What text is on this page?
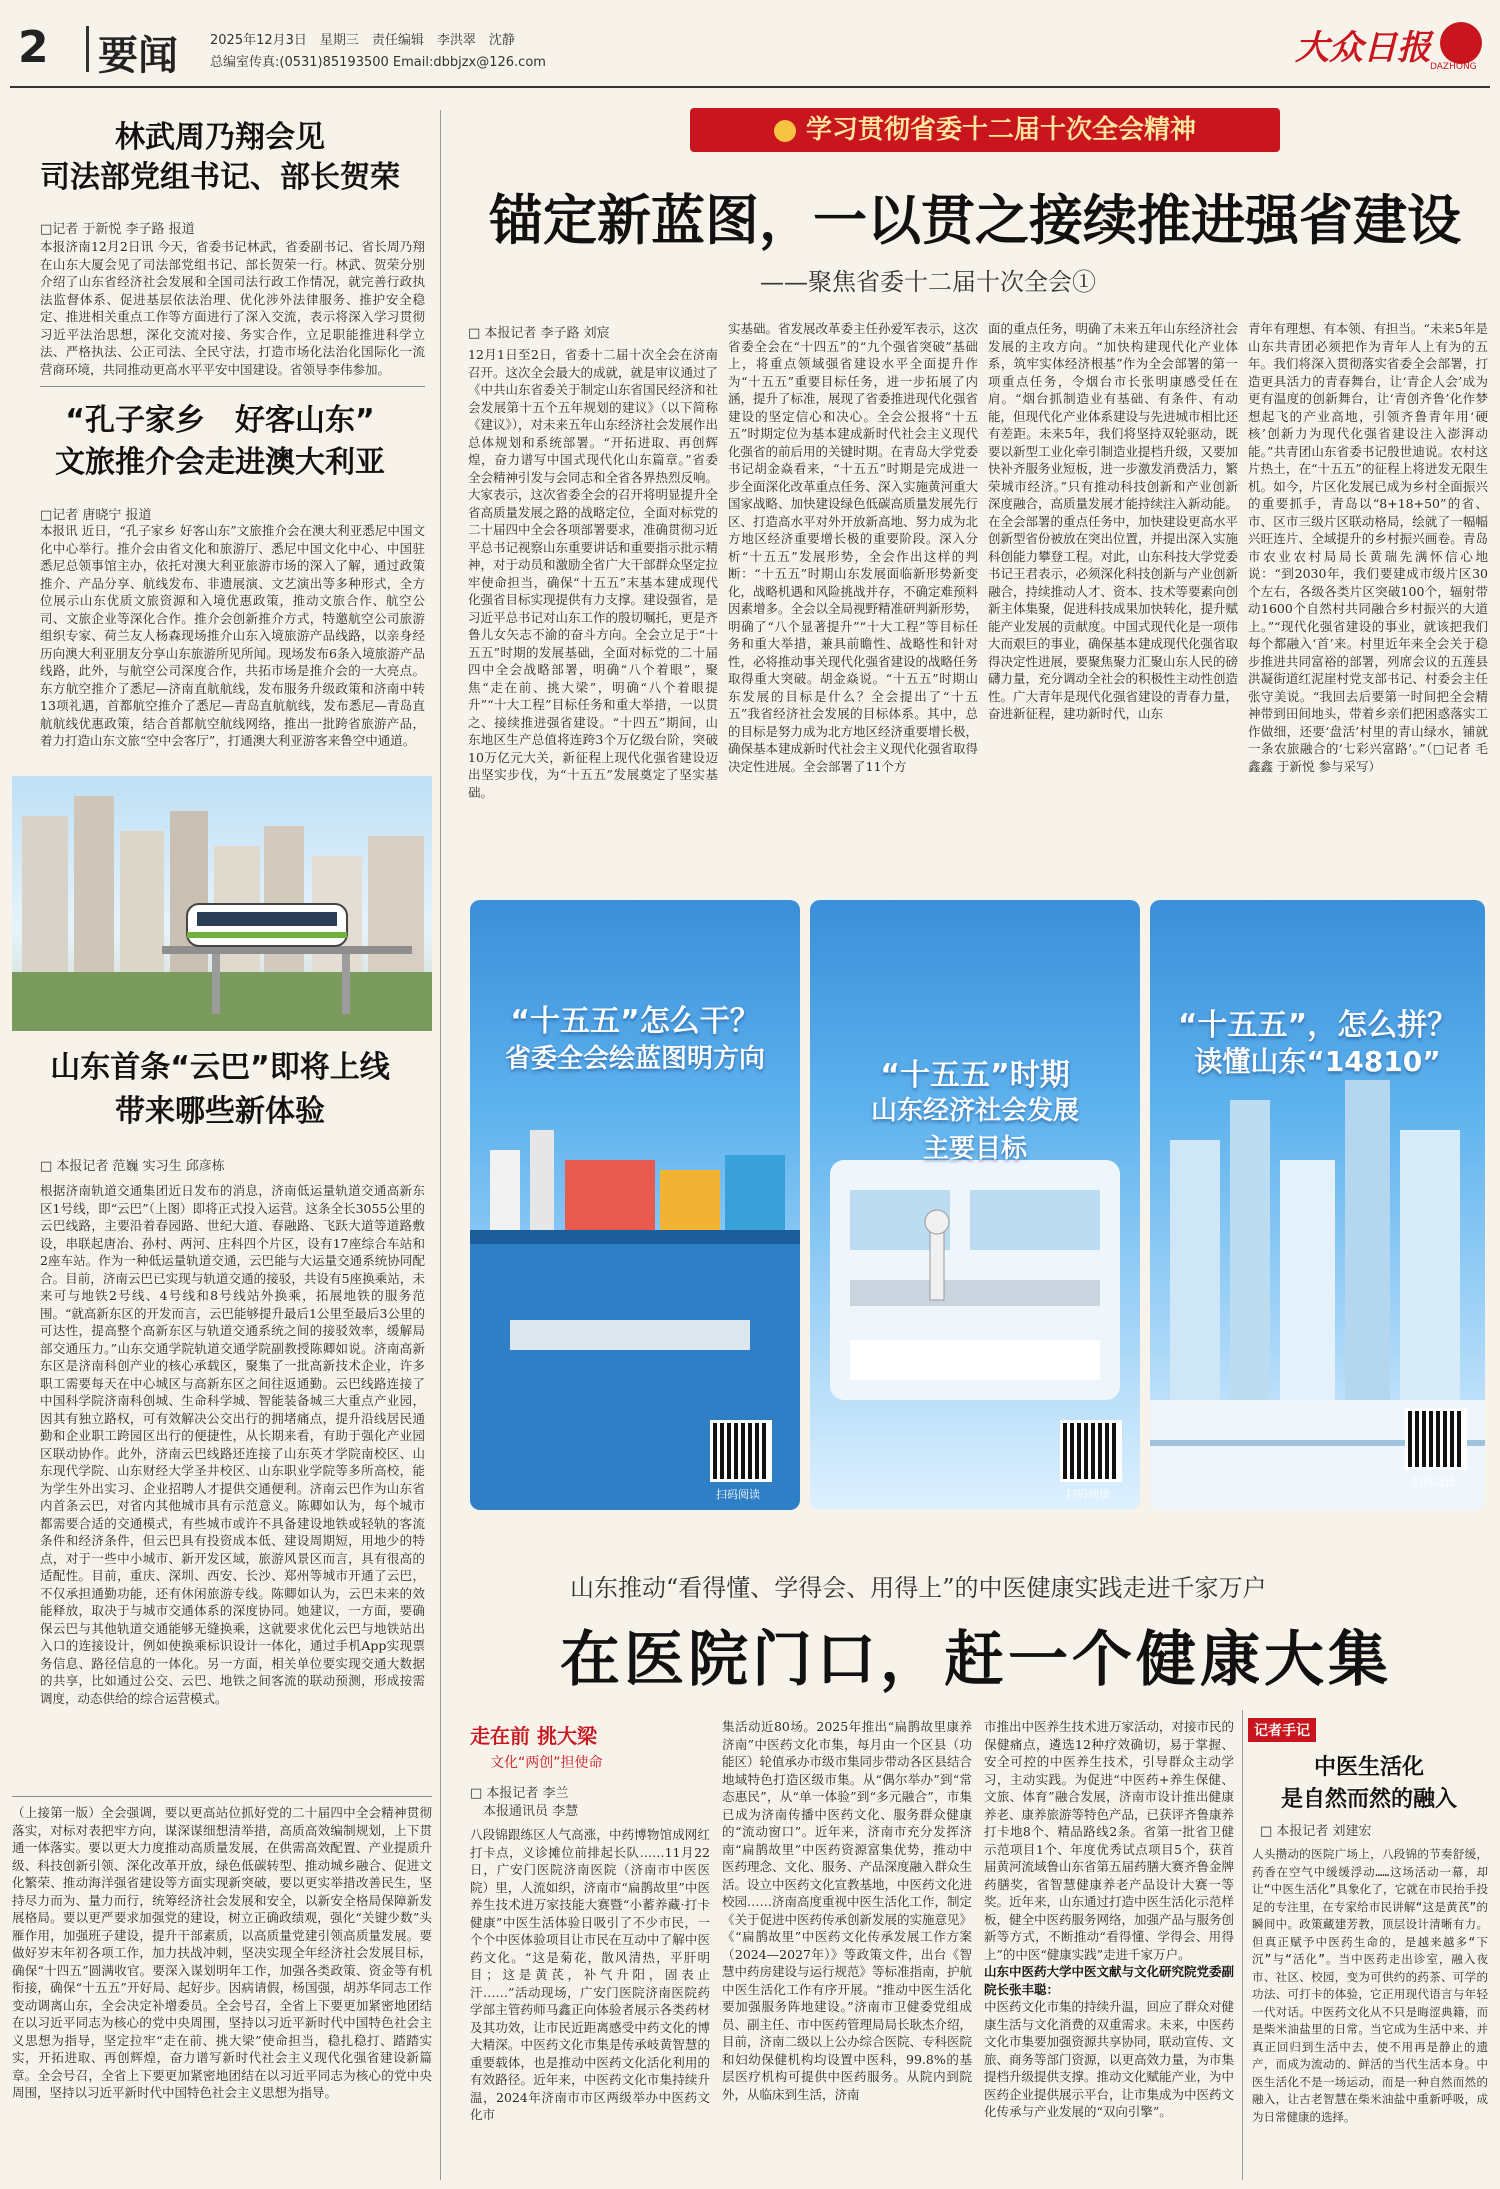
2 要闻 2025年12月3日　星期三　责任编辑　李洪翠　沈静
总编室传真:(0531)85193500 Email:dbbjzx@126.com	大众日报 DAZHONG
林武周乃翔会见
司法部党组书记、部长贺荣
□记者 于新悦 李子路 报道
本报济南12月2日讯 今天，省委书记林武，省委副书记、省长周乃翔在山东大厦会见了司法部党组书记、部长贺荣一行。林武、贺荣分别介绍了山东省经济社会发展和全国司法行政工作情况，就完善行政执法监督体系、促进基层依法治理、优化涉外法律服务、推护安全稳定、推进相关重点工作等方面进行了深入交流，表示将深入学习贯彻习近平法治思想，深化交流对接、务实合作，立足职能推进科学立法、严格执法、公正司法、全民守法，打造市场化法治化国际化一流营商环境，共同推动更高水平平安中国建设。省领导李伟参加。
“孔子家乡　好客山东”
文旅推介会走进澳大利亚
□记者 唐晓宁 报道
本报讯 近日，“孔子家乡 好客山东”文旅推介会在澳大利亚悉尼中国文化中心举行。推介会由省文化和旅游厅、悉尼中国文化中心、中国驻悉尼总领事馆主办，依托对澳大利亚旅游市场的深入了解，通过政策推介、产品分享、航线发布、非遗展演、文艺演出等多种形式，全方位展示山东优质文旅资源和入境优惠政策，推动文旅合作、航空公司、文旅企业等深化合作。推介会创新推介方式，特邀航空公司旅游组织专家、荷兰友人杨森现场推介山东入境旅游产品线路，以亲身经历向澳大利亚朋友分享山东旅游所见所闻。现场发布6条入境旅游产品线路，此外，与航空公司深度合作，共拓市场是推介会的一大亮点。东方航空推介了悉尼—济南直航航线，发布服务升级政策和济南中转13项礼遇，首都航空推介了悉尼—青岛直航航线，发布悉尼—青岛直航航线优惠政策，结合首都航空航线网络，推出一批跨省旅游产品，着力打造山东文旅“空中会客厅”，打通澳大利亚游客来鲁空中通道。
山东首条“云巴”即将上线
带来哪些新体验
□ 本报记者 范巍 实习生 邱彦栋
根据济南轨道交通集团近日发布的消息，济南低运量轨道交通高新东区1号线，即“云巴”（上图）即将正式投入运营。这条全长3055公里的云巴线路，主要沿着春园路、世纪大道、春融路、飞跃大道等道路敷设，串联起唐冶、孙村、两河、庄科四个片区，设有17座综合车站和2座车站。作为一种低运量轨道交通，云巴能与大运量交通系统协同配合。目前，济南云巴已实现与轨道交通的接驳，共设有5座换乘站，未来可与地铁2号线、4号线和8号线站外换乘，拓展地铁的服务范围。“就高新东区的开发而言，云巴能够提升最后1公里至最后3公里的可达性，提高整个高新东区与轨道交通系统之间的接驳效率，缓解局部交通压力。”山东交通学院轨道交通学院副教授陈卿如说。济南高新东区是济南科创产业的核心承载区，聚集了一批高新技术企业，许多职工需要每天在中心城区与高新东区之间往返通勤。云巴线路连接了中国科学院济南科创城、生命科学城、智能装备城三大重点产业园，因其有独立路权，可有效解决公交出行的拥堵痛点，提升沿线居民通勤和企业职工跨园区出行的便捷性，从长期来看，有助于强化产业园区联动协作。此外，济南云巴线路还连接了山东英才学院南校区、山东现代学院、山东财经大学圣井校区、山东职业学院等多所高校，能为学生外出实习、企业招聘人才提供交通便利。济南云巴作为山东省内首条云巴，对省内其他城市具有示范意义。陈卿如认为，每个城市都需要合适的交通模式，有些城市或许不具备建设地铁或轻轨的客流条件和经济条件，但云巴具有投资成本低、建设周期短，用地少的特点，对于一些中小城市、新开发区域，旅游风景区而言，具有很高的适配性。目前，重庆、深圳、西安、长沙、郑州等城市开通了云巴，不仅承担通勤功能，还有休闲旅游专线。陈卿如认为，云巴未来的效能释放，取决于与城市交通体系的深度协同。她建议，一方面，要确保云巴与其他轨道交通能够无缝换乘，这就要求优化云巴与地铁站出入口的连接设计，例如使换乘标识设计一体化，通过手机App实现票务信息、路径信息的一体化。另一方面，相关单位要实现交通大数据的共享，比如通过公交、云巴、地铁之间客流的联动预测，形成按需调度，动态供给的综合运营模式。
（上接第一版）全会强调，要以更高站位抓好党的二十届四中全会精神贯彻落实，对标对表把牢方向，谋深谋细想清举措，高质高效编制规划，上下贯通一体落实。要以更大力度推动高质量发展，在供需高效配置、产业提质升级、科技创新引领、深化改革开放，绿色低碳转型、推动城乡融合、促进文化繁荣、推动海洋强省建设等方面实现新突破，要以更实举措改善民生，坚持尽力而为、量力而行，统筹经济社会发展和安全，以新安全格局保障新发展格局。要以更严要求加强党的建设，树立正确政绩观，强化“关键少数”头雁作用，加强班子建设，提升干部素质，以高质量党建引领高质量发展。要做好岁末年初各项工作，加力扶战冲刺，坚决实现全年经济社会发展目标，确保“十四五”圆满收官。要深入谋划明年工作，加强各类政策、资金等有机衔接，确保“十五五”开好局、起好步。因病请假，杨国强，胡苏华同志工作变动调离山东，全会决定补增委员。全会号召，全省上下要更加紧密地团结在以习近平同志为核心的党中央周围，坚持以习近平新时代中国特色社会主义思想为指导，坚定拉牢“走在前、挑大梁”使命担当，稳扎稳打、踏踏实实，开拓进取、再创辉煌，奋力谱写新时代社会主义现代化强省建设新篇章。全会号召，全省上下要更加紧密地团结在以习近平同志为核心的党中央周围，坚持以习近平新时代中国特色社会主义思想为指导。
学习贯彻省委十二届十次全会精神
锚定新蓝图，一以贯之接续推进强省建设
——聚焦省委十二届十次全会①
□ 本报记者 李子路 刘宸
12月1日至2日，省委十二届十次全会在济南召开。这次全会最大的成就，就是审议通过了《中共山东省委关于制定山东省国民经济和社会发展第十五个五年规划的建议》（以下简称《建议》），对未来五年山东经济社会发展作出总体规划和系统部署。“开拓进取、再创辉煌，奋力谱写中国式现代化山东篇章。”省委全会精神引发与会同志和全省各界热烈反响。大家表示，这次省委全会的召开将明显提升全省高质量发展之路的战略定位，全面对标党的二十届四中全会各项部署要求，准确贯彻习近平总书记视察山东重要讲话和重要指示批示精神，对于动员和激励全省广大干部群众坚定拉牢使命担当，确保“十五五”末基本建成现代化强省目标实现提供有力支撑。建设强省，是习近平总书记对山东工作的殷切嘱托，更是齐鲁儿女矢志不渝的奋斗方向。全会立足于“十五五”时期的发展基础，全面对标党的二十届四中全会战略部署，明确“八个着眼”，聚焦“走在前、挑大梁”，明确“八个着眼提升”“十大工程”目标任务和重大举措，一以贯之、接续推进强省建设。“十四五”期间，山东地区生产总值将连跨3个万亿级台阶，突破10万亿元大关，新征程上现代化强省建设迈出坚实步伐，为“十五五”发展奠定了坚实基础。
实基础。省发展改革委主任孙爱军表示，这次省委全会在“十四五”的“九个强省突破”基础上，将重点领域强省建设水平全面提升作为“十五五”重要目标任务，进一步拓展了内涵，提升了标准，展现了省委推进现代化强省建设的坚定信心和决心。全会公报将“十五五”时期定位为基本建成新时代社会主义现代化强省的前后用的关键时期。在青岛大学党委书记胡金焱看来，“十五五”时期是完成进一步全面深化改革重点任务、深入实施黄河重大国家战略、加快建设绿色低碳高质量发展先行区、打造高水平对外开放新高地、努力成为北方地区经济重要增长极的重要阶段。深入分析“十五五”发展形势，全会作出这样的判断：“十五五”时期山东发展面临新形势新变化，战略机遇和风险挑战并存，不确定难预料因素增多。全会以全局视野精准研判新形势，明确了“八个显著提升”“十大工程”等目标任务和重大举措，兼具前瞻性、战略性和针对性，必将推动事关现代化强省建设的战略任务取得重大突破。胡金焱说。“十五五”时期山东发展的目标是什么？全会提出了“十五五”我省经济社会发展的目标体系。其中，总的目标是努力成为北方地区经济重要增长极，确保基本建成新时代社会主义现代化强省取得决定性进展。全会部署了11个方
面的重点任务，明确了未来五年山东经济社会发展的主攻方向。“加快构建现代化产业体系，筑牢实体经济根基”作为全会部署的第一项重点任务，令烟台市长张明康感受任在肩。“烟台抓制造业有基础、有条件、有动能，但现代化产业体系建设与先进城市相比还有差距。未来5年，我们将坚持双轮驱动，既要以新型工业化牵引制造业提档升级，又要加快补齐服务业短板，进一步激发消费活力，繁荣城市经济。”只有推动科技创新和产业创新深度融合，高质量发展才能持续注入新动能。在全会部署的重点任务中，加快建设更高水平创新型省份被放在突出位置，并提出深入实施科创能力攀登工程。对此，山东科技大学党委书记王君表示，必须深化科技创新与产业创新融合，持续推动人才、资本、技术等要素向创新主体集聚，促进科技成果加快转化，提升赋能产业发展的贡献度。中国式现代化是一项伟大而艰巨的事业，确保基本建成现代化强省取得决定性进展，要聚焦聚力汇聚山东人民的磅礴力量，充分调动全社会的积极性主动性创造性。广大青年是现代化强省建设的青春力量，奋进新征程，建功新时代，山东
青年有理想、有本领、有担当。“未来5年是山东共青团必须把作为青年人上有为的五年。我们将深入贯彻落实省委全会部署，打造更具活力的青春舞台，让‘青企人会’成为更有温度的创新舞台，让‘青创齐鲁’化作梦想起飞的产业高地，引领齐鲁青年用‘硬核’创新力为现代化强省建设注入澎湃动能。”共青团山东省委书记殷世迪说。农村这片热土，在“十五五”的征程上将迸发无限生机。如今，片区化发展已成为乡村全面振兴的重要抓手，青岛以“8+18+50”的省、市、区市三级片区联动格局，绘就了一幅幅兴旺连片、全域提升的乡村振兴画卷。青岛市农业农村局局长黄瑞先满怀信心地说：“到2030年，我们要建成市级片区30个左右，各级各类片区突破100个，辐射带动1600个自然村共同融合乡村振兴的大道上。”“现代化强省建设的事业，就该把我们每个都融入‘首’来。村里近年来全会关于稳步推进共同富裕的部署，列席会议的五莲县洪凝街道红泥崖村党支部书记、村委会主任张守美说。“我回去后要第一时间把全会精神带到田间地头，带着乡亲们把困惑落实工作做细，还要‘盘活’村里的青山绿水，铺就一条农旅融合的‘七彩兴富路’。”（□记者 毛鑫鑫 于新悦 参与采写）
“十五五”怎么干？
省委全会绘蓝图明方向
扫码阅读
“十五五”时期
山东经济社会发展
主要目标
扫码阅读
“十五五”，怎么拼？
读懂山东“14810”
扫码阅读
山东推动“看得懂、学得会、用得上”的中医健康实践走进千家万户
在医院门口，赶一个健康大集
走在前 挑大梁
文化“两创”担使命
□ 本报记者 李兰
　本报通讯员 李慧
八段锦跟练区人气高涨，中药博物馆成网红打卡点，义诊摊位前排起长队……11月22日，广安门医院济南医院（济南市中医医院）里，人流如织，济南市“扁鹊故里”中医养生技术进万家技能大赛暨“小蓄养藏·打卡健康”中医生活体验日吸引了不少市民，一个个中医体验项目让市民在互动中了解中医药文化。“这是菊花，散风清热，平肝明目；这是黄芪，补气升阳，固表止汗……”活动现场，广安门医院济南医院药学部主管药师马鑫正向体验者展示各类药材及其功效，让市民近距离感受中药文化的博大精深。中医药文化市集是传承岐黄智慧的重要载体，也是推动中医药文化活化利用的有效路径。近年来，中医药文化市集持续升温，2024年济南市市区两级举办中医药文化市
集活动近80场。2025年推出“扁鹊故里康养济南”中医药文化市集，每月由一个区县（功能区）轮值承办市级市集同步带动各区县结合地域特色打造区级市集。从“偶尔举办”到“常态惠民”，从“单一体验”到“多元融合”，市集已成为济南传播中医药文化、服务群众健康的“流动窗口”。近年来，济南市充分发挥济南“扁鹊故里”中医药资源富集优势，推动中医药理念、文化、服务、产品深度融入群众生活。设立中医药文化宣教基地，中医药文化进校园……济南高度重视中医生活化工作，制定《关于促进中医药传承创新发展的实施意见》《“扁鹊故里”中医药文化传承发展工作方案（2024—2027年）》等政策文件，出台《智慧中药房建设与运行规范》等标准指南，护航中医生活化工作有序开展。“推动中医生活化要加强服务阵地建设。”济南市卫健委党组成员、副主任、市中医药管理局局长耿杰介绍，目前，济南二级以上公办综合医院、专科医院和妇幼保健机构均设置中医科，99.8%的基层医疗机构可提供中医药服务。从院内到院外，从临床到生活，济南
市推出中医养生技术进万家活动，对接市民的保健痛点，遴选12种疗效确切，易于掌握、安全可控的中医养生技术，引导群众主动学习，主动实践。为促进“中医药+养生保健、文旅、体育”融合发展，济南市设计推出健康养老、康养旅游等特色产品，已获评齐鲁康养打卡地8个、精品路线2条。省第一批省卫健示范项目1个、年度优秀试点项目5个，获首届黄河流域鲁山东省第五届药膳大赛齐鲁金牌药膳奖，省智慧健康养老产品设计大赛一等奖。近年来，山东通过打造中医生活化示范样板，健全中医药服务网络，加强产品与服务创新等方式，不断推动“看得懂、学得会、用得上”的中医“健康实践”走进千家万户。
山东中医药大学中医文献与文化研究院党委副院长张丰聪：
中医药文化市集的持续升温，回应了群众对健康生活与文化消费的双重需求。未来，中医药文化市集要加强资源共享协同，联动宣传、文旅、商务等部门资源，以更高效力量，为市集提档升级提供支撑。推动文化赋能产业，为中医药企业提供展示平台，让市集成为中医药文化传承与产业发展的“双向引擎”。
记者手记
中医生活化
是自然而然的融入
□ 本报记者 刘建宏
人头攒动的医院广场上，八段锦的节奏舒缓，药香在空气中缓缓浮动……这场活动一幕，却让“中医生活化”具象化了，它就在市民抬手投足的专注里，在专家给市民讲解“这是黄芪”的瞬间中。政策藏建芳教，顶层设计清晰有力。但真正赋予中医药生命的，是越来越多“下沉”与“活化”。当中医药走出诊室，融入夜市、社区、校园，变为可供约的药茶、可学的功法、可打卡的体验，它正用现代语言与年轻一代对话。中医药文化从不只是晦涩典籍，而是柴米油盐里的日常。当它成为生活中来、并真正回归到生活中去，使不用再是静止的遗产，而成为流动的、鲜活的当代生活本身。中医生活化不是一场运动，而是一种自然而然的融入，让古老智慧在柴米油盐中重新呼吸，成为日常健康的选择。
